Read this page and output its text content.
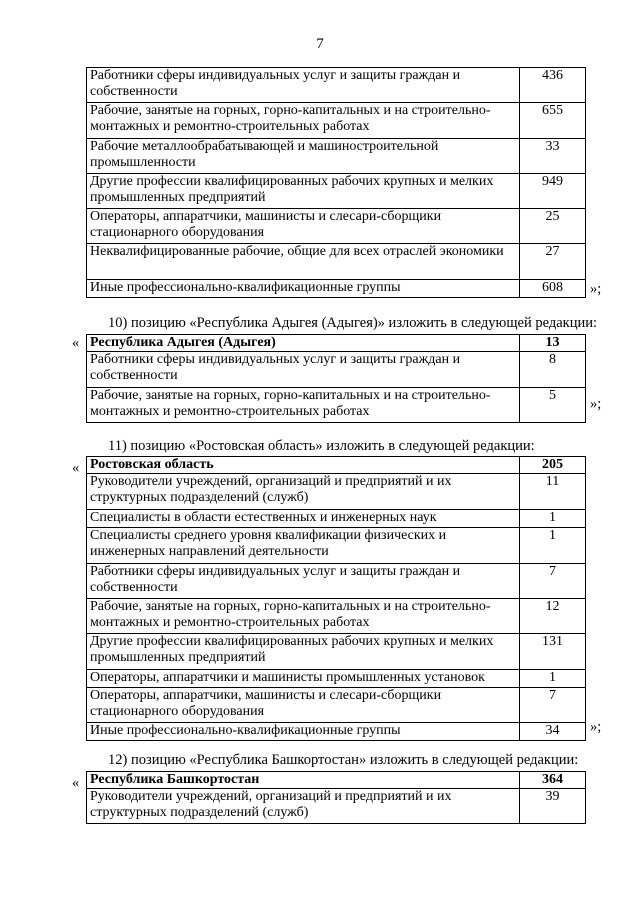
7
Работники сферы индивидуальных услуг и защиты граждан и собственности	436
Рабочие, занятые на горных, горно-капитальных и на строительно-монтажных и ремонтно-строительных работах	655
Рабочие металлообрабатывающей и машиностроительной промышленности	33
Другие профессии квалифицированных рабочих крупных и мелких промышленных предприятий	949
Операторы, аппаратчики, машинисты и слесари-сборщики стационарного оборудования	25
Неквалифицированные рабочие, общие для всех отраслей экономики	27
Иные профессионально-квалификационные группы	608 »;
10) позицию «Республика Адыгея (Адыгея)» изложить в следующей редакции:
« Республика Адыгея (Адыгея)	13
Работники сферы индивидуальных услуг и защиты граждан и собственности	8
Рабочие, занятые на горных, горно-капитальных и на строительно-монтажных и ремонтно-строительных работах	5
»;
11) позицию «Ростовская область» изложить в следующей редакции:
« Ростовская область	205
Руководители учреждений, организаций и предприятий и их структурных подразделений (служб)	11
Специалисты в области естественных и инженерных наук	1
Специалисты среднего уровня квалификации физических и инженерных направлений деятельности	1
Работники сферы индивидуальных услуг и защиты граждан и собственности	7
Рабочие, занятые на горных, горно-капитальных и на строительно-монтажных и ремонтно-строительных работах	12
Другие профессии квалифицированных рабочих крупных и мелких промышленных предприятий	131
Операторы, аппаратчики и машинисты промышленных установок	1
Операторы, аппаратчики, машинисты и слесари-сборщики стационарного оборудования	7
Иные профессионально-квалификационные группы	34 »;
12) позицию «Республика Башкортостан» изложить в следующей редакции:
« Республика Башкортостан	364
Руководители учреждений, организаций и предприятий и их структурных подразделений (служб)	39
